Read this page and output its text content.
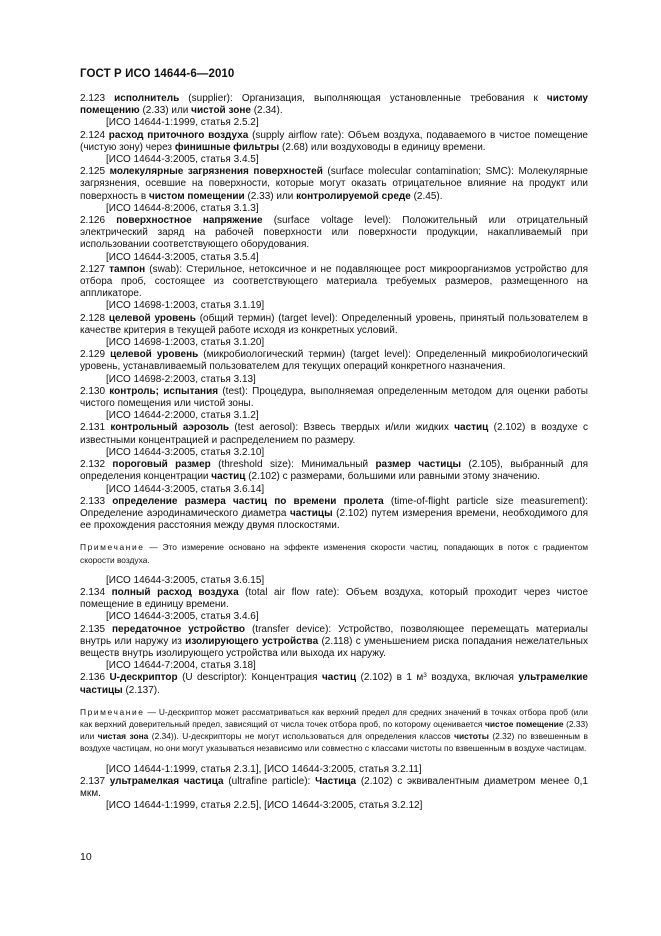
ГОСТ Р ИСО 14644-6—2010

2.123 исполнитель (supplier): Организация, выполняющая установленные требования к чистому помещению (2.33) или чистой зоне (2.34).

[ИСО 14644-1:1999, статья 2.5.2]

2.124 расход приточного воздуха (supply airflow rate): Объем воздуха, подаваемого в чистое помещение (чистую зону) через финишные фильтры (2.68) или воздуховоды в единицу времени.

[ИСО 14644-3:2005, статья 3.4.5]

2.125 молекулярные загрязнения поверхностей (surface molecular contamination; SMC): Молекулярные загрязнения, осевшие на поверхности, которые могут оказать отрицательное влияние на продукт или поверхность в чистом помещении (2.33) или контролируемой среде (2.45).

[ИСО 14644-8:2006, статья 3.1.3]

2.126 поверхностное напряжение (surface voltage level): Положительный или отрицательный электрический заряд на рабочей поверхности или поверхности продукции, накапливаемый при использовании соответствующего оборудования.

[ИСО 14644-3:2005, статья 3.5.4]

2.127 тампон (swab): Стерильное, нетоксичное и не подавляющее рост микроорганизмов устройство для отбора проб, состоящее из соответствующего материала требуемых размеров, размещенного на аппликаторе.

[ИСО 14698-1:2003, статья 3.1.19]

2.128 целевой уровень (общий термин) (target level): Определенный уровень, принятый пользователем в качестве критерия в текущей работе исходя из конкретных условий.

[ИСО 14698-1:2003, статья 3.1.20]

2.129 целевой уровень (микробиологический термин) (target level): Определенный микробиологический уровень, устанавливаемый пользователем для текущих операций конкретного назначения.

[ИСО 14698-2:2003, статья 3.13]

2.130 контроль; испытания (test): Процедура, выполняемая определенным методом для оценки работы чистого помещения или чистой зоны.

[ИСО 14644-2:2000, статья 3.1.2]

2.131 контрольный аэрозоль (test aerosol): Взвесь твердых и/или жидких частиц (2.102) в воздухе с известными концентрацией и распределением по размеру.

[ИСО 14644-3:2005, статья 3.2.10]

2.132 пороговый размер (threshold size): Минимальный размер частицы (2.105), выбранный для определения концентрации частиц (2.102) с размерами, большими или равными этому значению.

[ИСО 14644-3:2005, статья 3.6.14]

2.133 определение размера частиц по времени пролета (time-of-flight particle size measurement): Определение аэродинамического диаметра частицы (2.102) путем измерения времени, необходимого для ее прохождения расстояния между двумя плоскостями.

Примечание — Это измерение основано на эффекте изменения скорости частиц, попадающих в поток с градиентом скорости воздуха.

[ИСО 14644-3:2005, статья 3.6.15]

2.134 полный расход воздуха (total air flow rate): Объем воздуха, который проходит через чистое помещение в единицу времени.

[ИСО 14644-3:2005, статья 3.4.6]

2.135 передаточное устройство (transfer device): Устройство, позволяющее перемещать материалы внутрь или наружу из изолирующего устройства (2.118) с уменьшением риска попадания нежелательных веществ внутрь изолирующего устройства или выхода их наружу.

[ИСО 14644-7:2004, статья 3.18]

2.136 U-дескриптор (U descriptor): Концентрация частиц (2.102) в 1 $м^3$ воздуха, включая ультрамелкие частицы (2.137).

Примечание — U-дескриптор может рассматриваться как верхний предел для средних значений в точках отбора проб (или как верхний доверительный предел, зависящий от числа точек отбора проб, по которому оценивается чистое помещение (2.33) или чистая зона (2.34)). U-дескрипторы не могут использоваться для определения классов чистоты (2.32) по взвешенным в воздухе частицам, но они могут указываться независимо или совместно с классами чистоты по взвешенным в воздухе частицам.

[ИСО 14644-1:1999, статья 2.3.1], [ИСО 14644-3:2005, статья 3.2.11]

2.137 ультрамелкая частица (ultrafine particle): Частица (2.102) с эквивалентным диаметром менее 0,1 мкм.

[ИСО 14644-1:1999, статья 2.2.5], [ИСО 14644-3:2005, статья 3.2.12]

10
